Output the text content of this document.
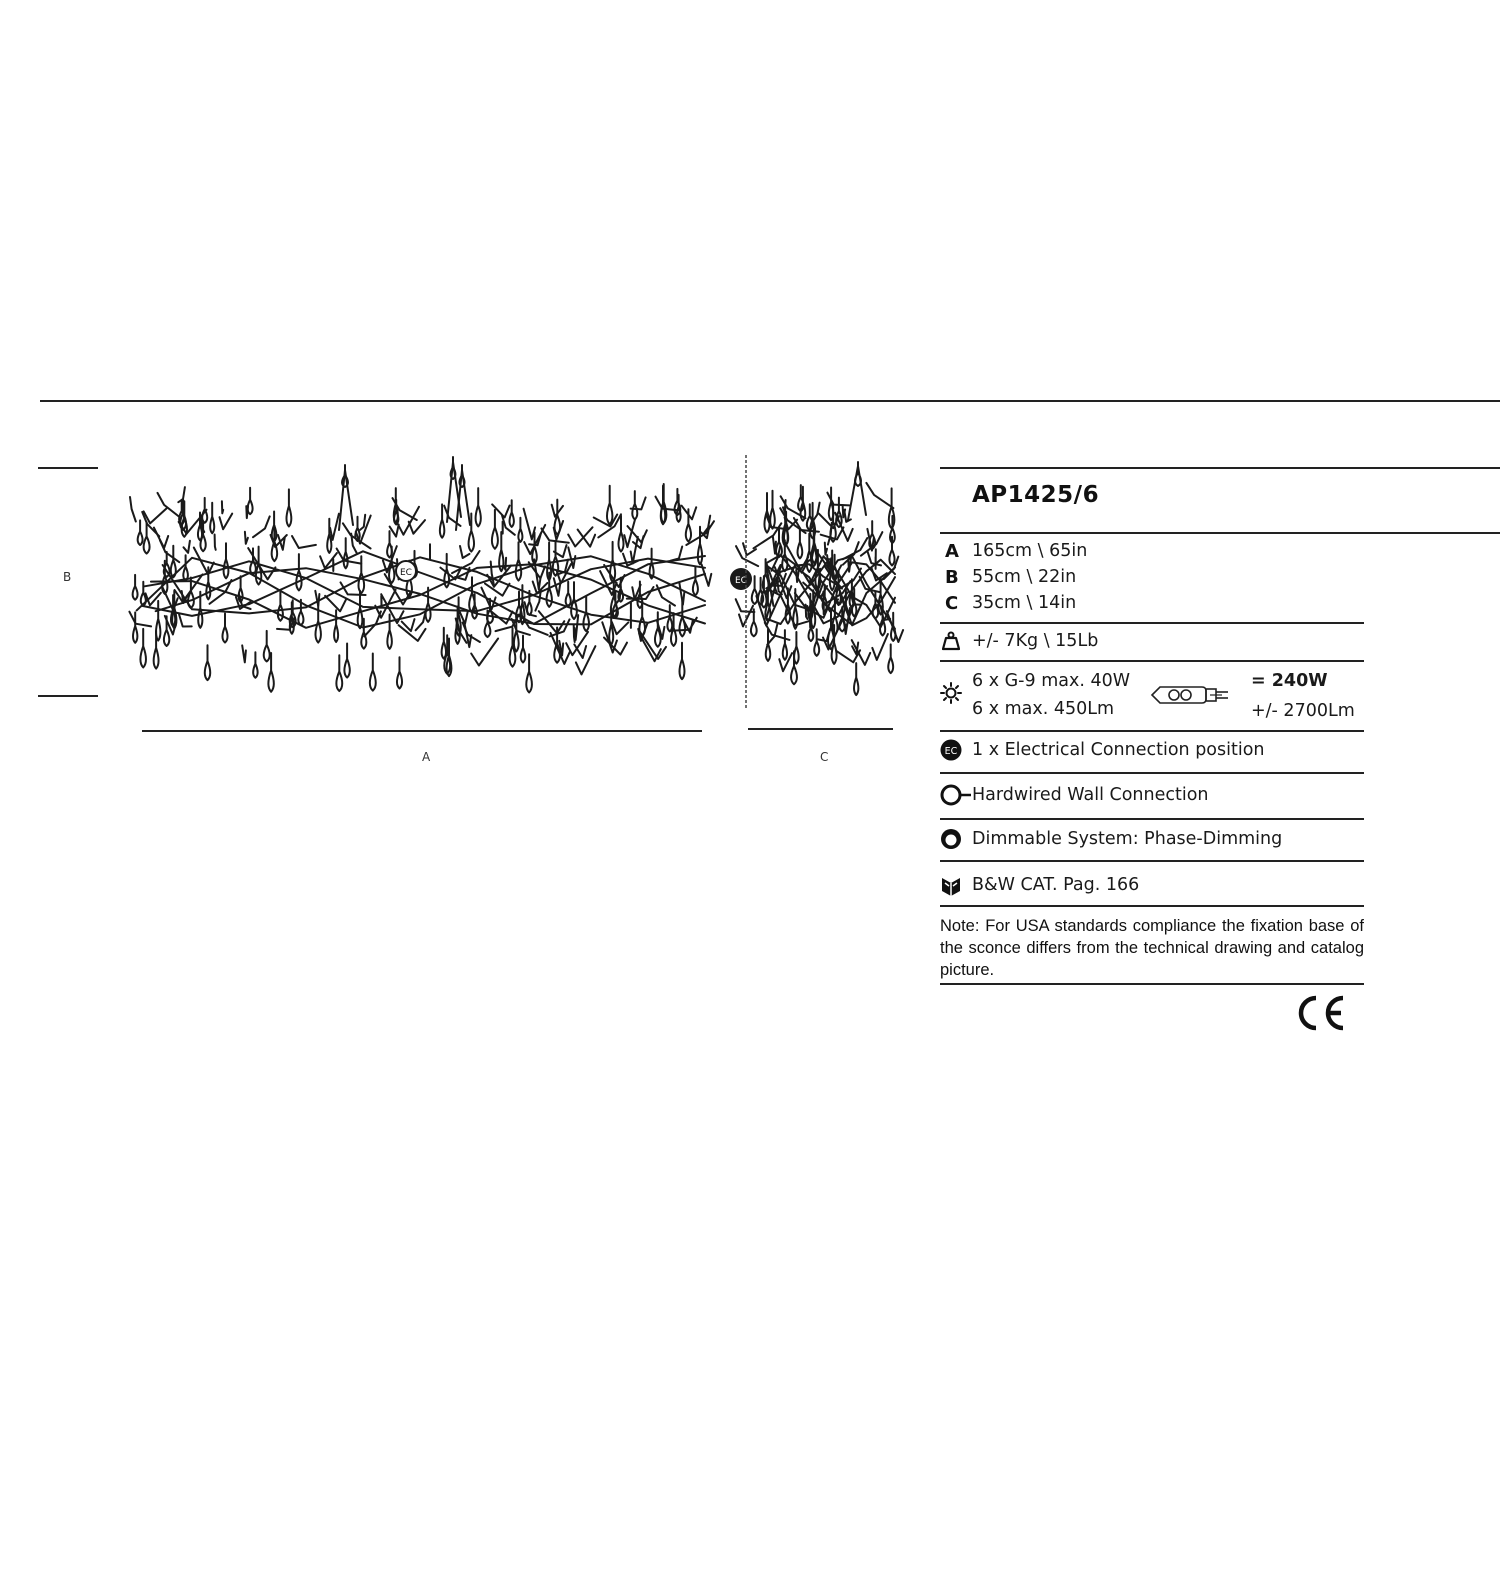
B	EC
EC
A	C
AP1425/6
A 165cm \ 65in
B 55cm \ 22in
C 35cm \ 14in
+/- 7Kg \ 15Lb
6 x G-9 max. 40W
6 x max. 450Lm
= 240W
+/- 2700Lm
EC 1 x Electrical Connection position
Hardwired Wall Connection
Dimmable System: Phase-Dimming
B&W CAT. Pag. 166
Note: For USA standards compliance the fixation base of the sconce differs from the technical drawing and catalog picture.
